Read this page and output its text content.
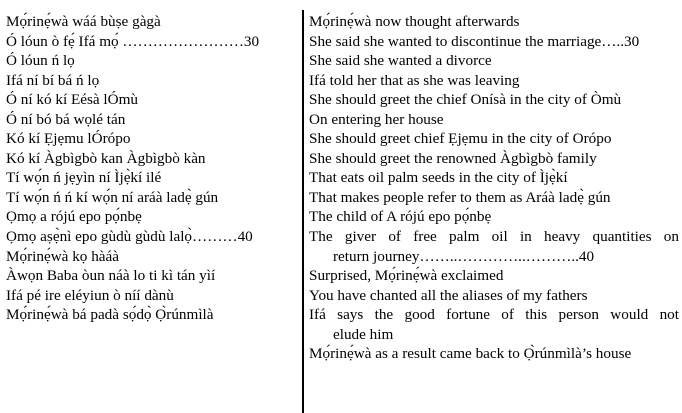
Mọ́rinẹ́wà wáá bùṣe gàgà
Ó lóun ò fẹ́ Ifá mọ́ ……………………30
Ó lóun ń lọ
Ifá ní bí bá ń lọ
Ó ní kó kí Eésà lÓmù
Ó ní bó bá wọlé tán
Kó kí Ẹjẹmu lÓrópo
Kó kí Àgbìgbò kan Àgbìgbò kàn
Tí wọ́n ń jẹyìn ní Ìjẹ̀kí ilé
Tí wọ́n ń ń kí wọ́n ní aráà ladẹ̀ gún
Ọmọ a rójú epo pọ́nbẹ
Ọmọ aṣẹ̀nì epo gùdù gùdù lalọ̀………40
Mọ́rinẹ́wà kọ hàáà
Àwọn Baba òun náà lo ti kì tán yìí
Ifá pé ire eléyiun ò níí dànù
Mọ́rinẹ́wà bá padà sọ́dọ̀ Ọ̀rúnmìlà
Mọ́rinẹ́wà now thought afterwards
She said she wanted to discontinue the marriage…..30
She said she wanted a divorce
Ifá told her that as she was leaving
She should greet the chief Onísà in the city of Òmù
On entering her house
She should greet chief Ẹjẹmu in the city of Orópo
She should greet the renowned Àgbìgbò family
That eats oil palm seeds in the city of Ìjẹ̀kí
That makes people refer to them as Aráà ladẹ̀ gún
The child of A rójú epo pọ́nbẹ
The giver of free palm oil in heavy quantities on
return journey……..…………..………..40
Surprised, Mọ́rinẹ́wà exclaimed
You have chanted all the aliases of my fathers
Ifá says the good fortune of this person would not
elude him
Mọ́rinẹ́wà as a result came back to Ọ̀rúnmìlà’s house
